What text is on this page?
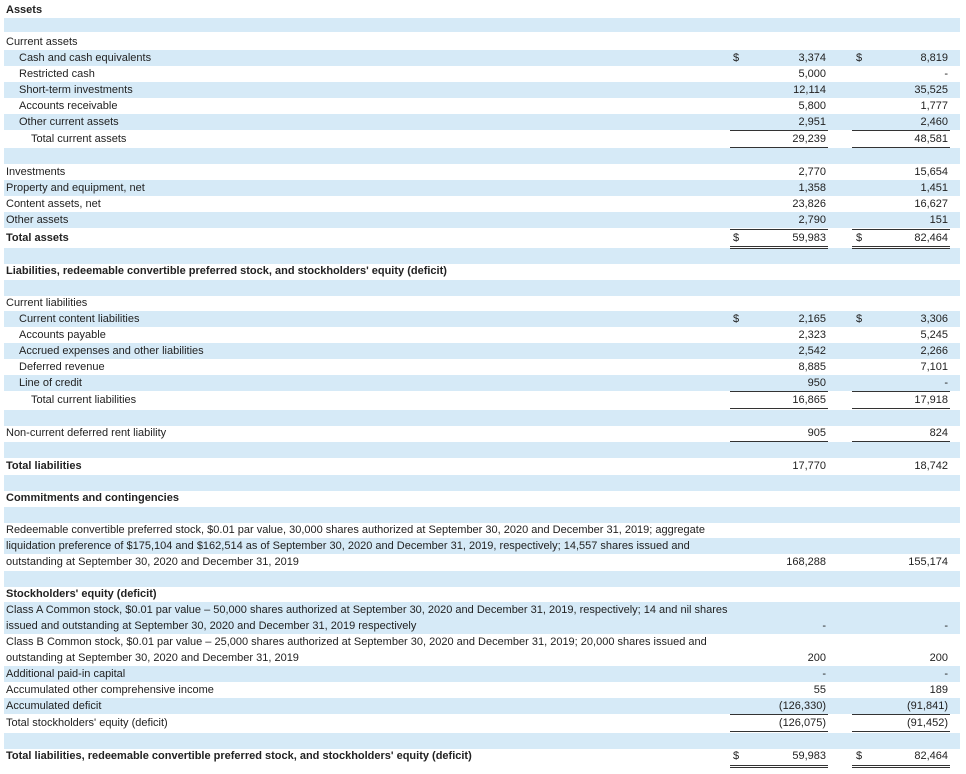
Assets
Liabilities, redeemable convertible preferred stock, and stockholders' equity (deficit)
Commitments and contingencies
Stockholders' equity (deficit)
Current assets
Cash and cash equivalents	$	3,374	$	8,819
Restricted cash	5,000	-
Short-term investments	12,114	35,525
Accounts receivable	5,800	1,777
Other current assets	2,951	2,460
Total current assets	29,239	48,581
Investments	2,770	15,654
Property and equipment, net	1,358	1,451
Content assets, net	23,826	16,627
Other assets	2,790	151
Total assets	$	59,983	$	82,464
Current liabilities
Current content liabilities	$	2,165	$	3,306
Accounts payable	2,323	5,245
Accrued expenses and other liabilities	2,542	2,266
Deferred revenue	8,885	7,101
Line of credit	950	-
Total current liabilities	16,865	17,918
Non-current deferred rent liability	905	824
Total liabilities	17,770	18,742
Redeemable convertible preferred stock, $0.01 par value, 30,000 shares authorized at September 30, 2020 and December 31, 2019; aggregate
liquidation preference of $175,104 and $162,514 as of September 30, 2020 and December 31, 2019, respectively; 14,557 shares issued and
outstanding at September 30, 2020 and December 31, 2019	168,288	155,174
Class A Common stock, $0.01 par value – 50,000 shares authorized at September 30, 2020 and December 31, 2019, respectively; 14 and nil shares
issued and outstanding at September 30, 2020 and December 31, 2019 respectively	-	-
Class B Common stock, $0.01 par value – 25,000 shares authorized at September 30, 2020 and December 31, 2019; 20,000 shares issued and
outstanding at September 30, 2020 and December 31, 2019	200	200
Additional paid-in capital	-	-
Accumulated other comprehensive income	55	189
Accumulated deficit	(126,330)	(91,841)
Total stockholders' equity (deficit)	(126,075)	(91,452)
Total liabilities, redeemable convertible preferred stock, and stockholders' equity (deficit)	$	59,983	$	82,464
